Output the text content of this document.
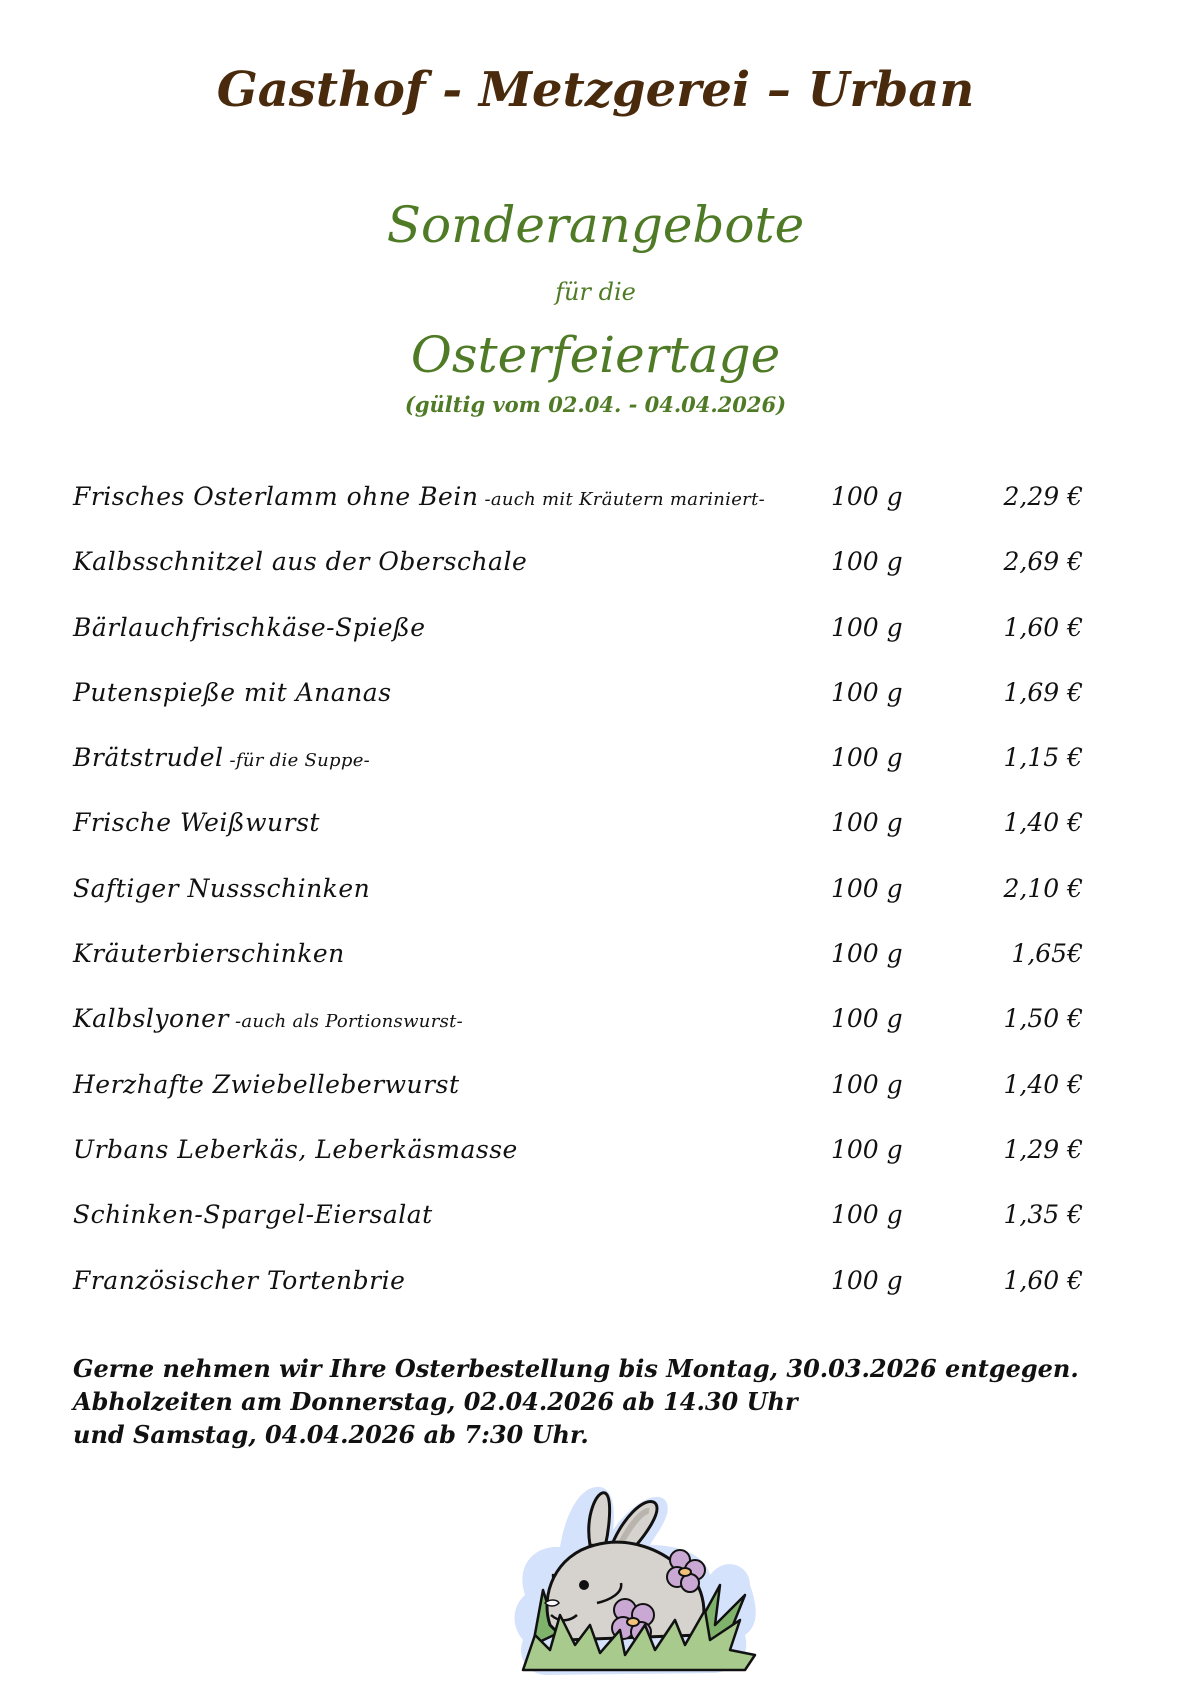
Gasthof - Metzgerei – Urban
Sonderangebote
für die
Osterfeiertage
(gültig vom 02.04. - 04.04.2026)
Frisches Osterlamm ohne Bein -auch mit Kräutern mariniert-	100 g	2,29 €
Kalbsschnitzel aus der Oberschale	100 g	2,69 €
Bärlauchfrischkäse-Spieße	100 g	1,60 €
Putenspieße mit Ananas	100 g	1,69 €
Brätstrudel -für die Suppe-	100 g	1,15 €
Frische Weißwurst	100 g	1,40 €
Saftiger Nussschinken	100 g	2,10 €
Kräuterbierschinken	100 g	1,65€
Kalbslyoner -auch als Portionswurst-	100 g	1,50 €
Herzhafte Zwiebelleberwurst	100 g	1,40 €
Urbans Leberkäs, Leberkäsmasse	100 g	1,29 €
Schinken-Spargel-Eiersalat	100 g	1,35 €
Französischer Tortenbrie	100 g	1,60 €
Gerne nehmen wir Ihre Osterbestellung bis Montag, 30.03.2026 entgegen.
Abholzeiten am Donnerstag, 02.04.2026 ab 14.30 Uhr
und Samstag, 04.04.2026 ab 7:30 Uhr.
